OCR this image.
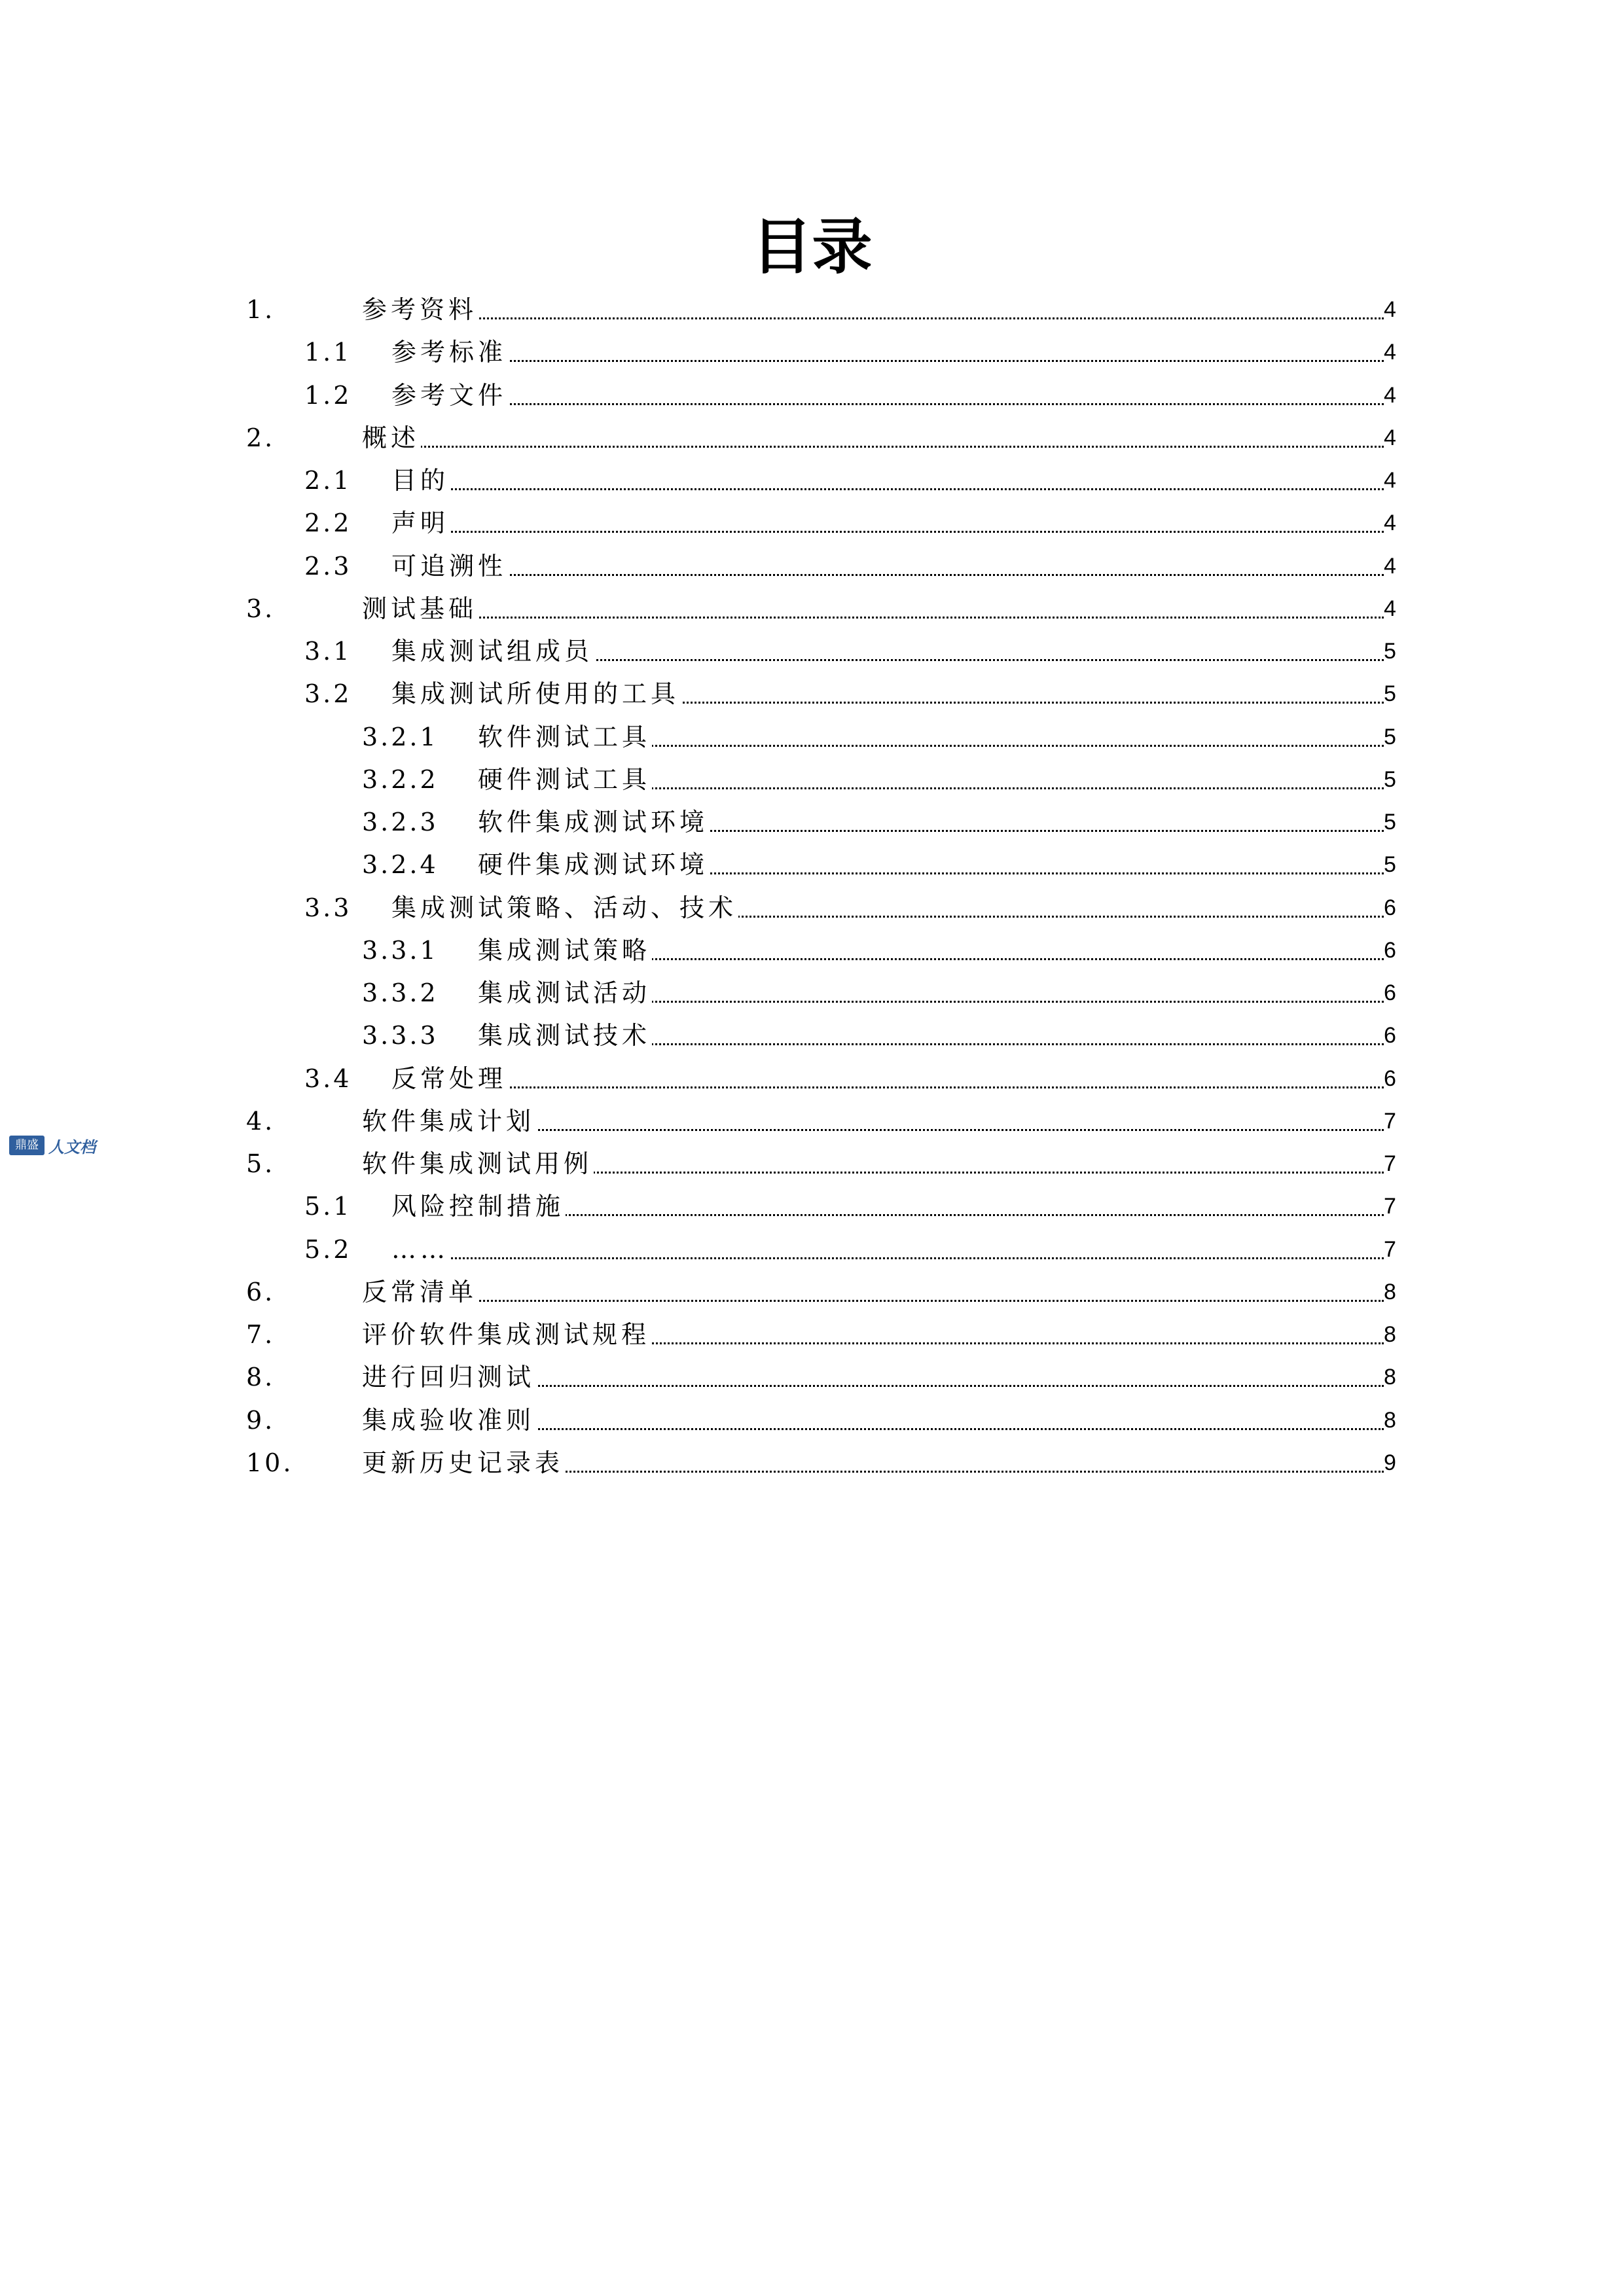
目录
鼎盛 人文档
1.	参考资料	4
1.1 参考标准	4
1.2 参考文件	4
2.	概述	4
2.1 目的	4
2.2 声明	4
2.3 可追溯性	4
3.	测试基础	4
3.1 集成测试组成员	5
3.2 集成测试所使用的工具	5
3.2.1 软件测试工具	5
3.2.2 硬件测试工具	5
3.2.3 软件集成测试环境	5
3.2.4 硬件集成测试环境	5
3.3 集成测试策略、活动、技术	6
3.3.1 集成测试策略	6
3.3.2 集成测试活动	6
3.3.3 集成测试技术	6
3.4 反常处理	6
4.	软件集成计划	7
5.	软件集成测试用例	7
5.1 风险控制措施	7
5.2 ……	7
6.	反常清单	8
7.	评价软件集成测试规程	8
8.	进行回归测试	8
9.	集成验收准则	8
10.	更新历史记录表	9
